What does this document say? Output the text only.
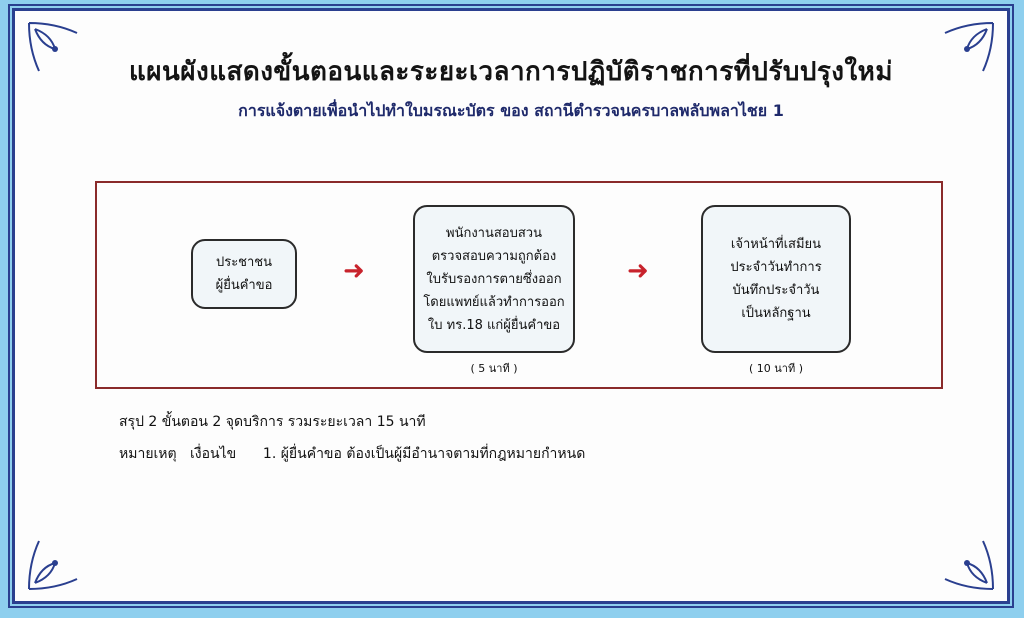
แผนผังแสดงขั้นตอนและระยะเวลาการปฏิบัติราชการที่ปรับปรุงใหม่
การแจ้งตายเพื่อนำไปทำใบมรณะบัตร ของ สถานีตำรวจนครบาลพลับพลาไชย 1
ประชาชน
ผู้ยื่นคำขอ	➜
พนักงานสอบสวน
ตรวจสอบความถูกต้อง
ใบรับรองการตายซึ่งออก
โดยแพทย์แล้วทำการออก
ใบ ทร.18 แก่ผู้ยื่นคำขอ
( 5 นาที )
➜
เจ้าหน้าที่เสมียน
ประจำวันทำการ
บันทึกประจำวัน
เป็นหลักฐาน
( 10 นาที )
สรุป 2 ขั้นตอน 2 จุดบริการ รวมระยะเวลา 15 นาที
หมายเหตุ เงื่อนไข 1. ผู้ยื่นคำขอ ต้องเป็นผู้มีอำนาจตามที่กฎหมายกำหนด
